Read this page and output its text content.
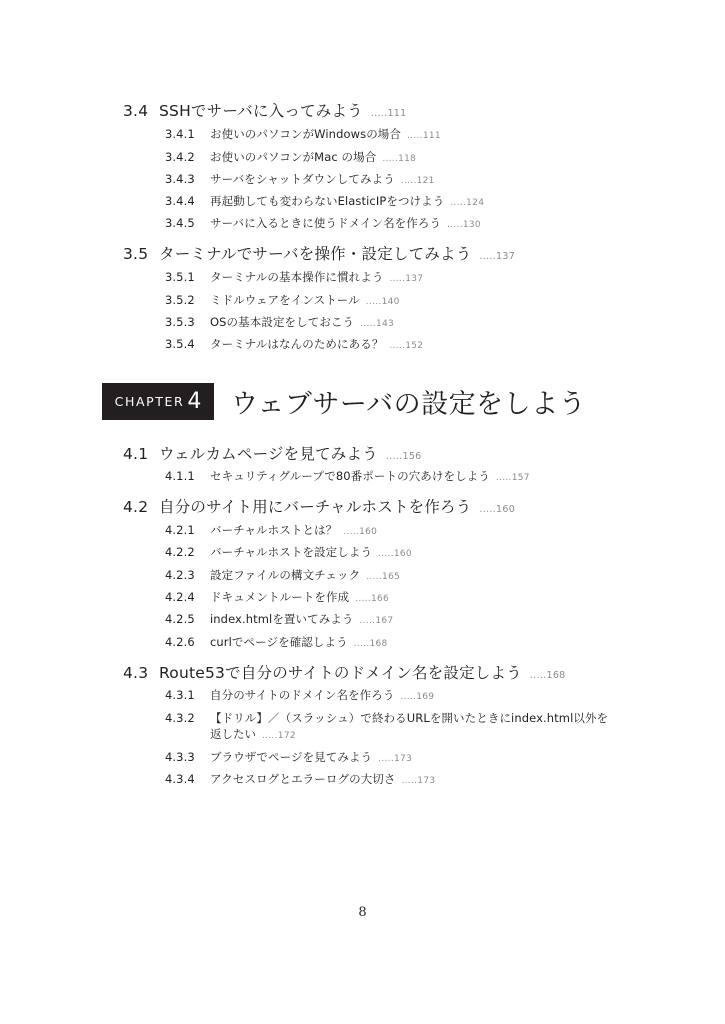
3.4 SSHでサーバに入ってみよう .....111
3.4.1 お使いのパソコンがWindowsの場合 .....111
3.4.2 お使いのパソコンがMac の場合 .....118
3.4.3 サーバをシャットダウンしてみよう .....121
3.4.4 再起動しても変わらないElasticIPをつけよう .....124
3.4.5 サーバに入るときに使うドメイン名を作ろう .....130
3.5 ターミナルでサーバを操作・設定してみよう .....137
3.5.1 ターミナルの基本操作に慣れよう .....137
3.5.2 ミドルウェアをインストール .....140
3.5.3 OSの基本設定をしておこう .....143
3.5.4 ターミナルはなんのためにある？ .....152
CHAPTER 4 ウェブサーバの設定をしよう
4.1 ウェルカムページを見てみよう .....156
4.1.1 セキュリティグループで80番ポートの穴あけをしよう .....157
4.2 自分のサイト用にバーチャルホストを作ろう .....160
4.2.1 バーチャルホストとは？ .....160
4.2.2 バーチャルホストを設定しよう .....160
4.2.3 設定ファイルの構文チェック .....165
4.2.4 ドキュメントルートを作成 .....166
4.2.5 index.htmlを置いてみよう .....167
4.2.6 curlでページを確認しよう .....168
4.3 Route53で自分のサイトのドメイン名を設定しよう .....168
4.3.1 自分のサイトのドメイン名を作ろう .....169
4.3.2 【ドリル】／（スラッシュ）で終わるURLを開いたときにindex.html以外を
返したい .....172
4.3.3 ブラウザでページを見てみよう .....173
4.3.4 アクセスログとエラーログの大切さ .....173
8
